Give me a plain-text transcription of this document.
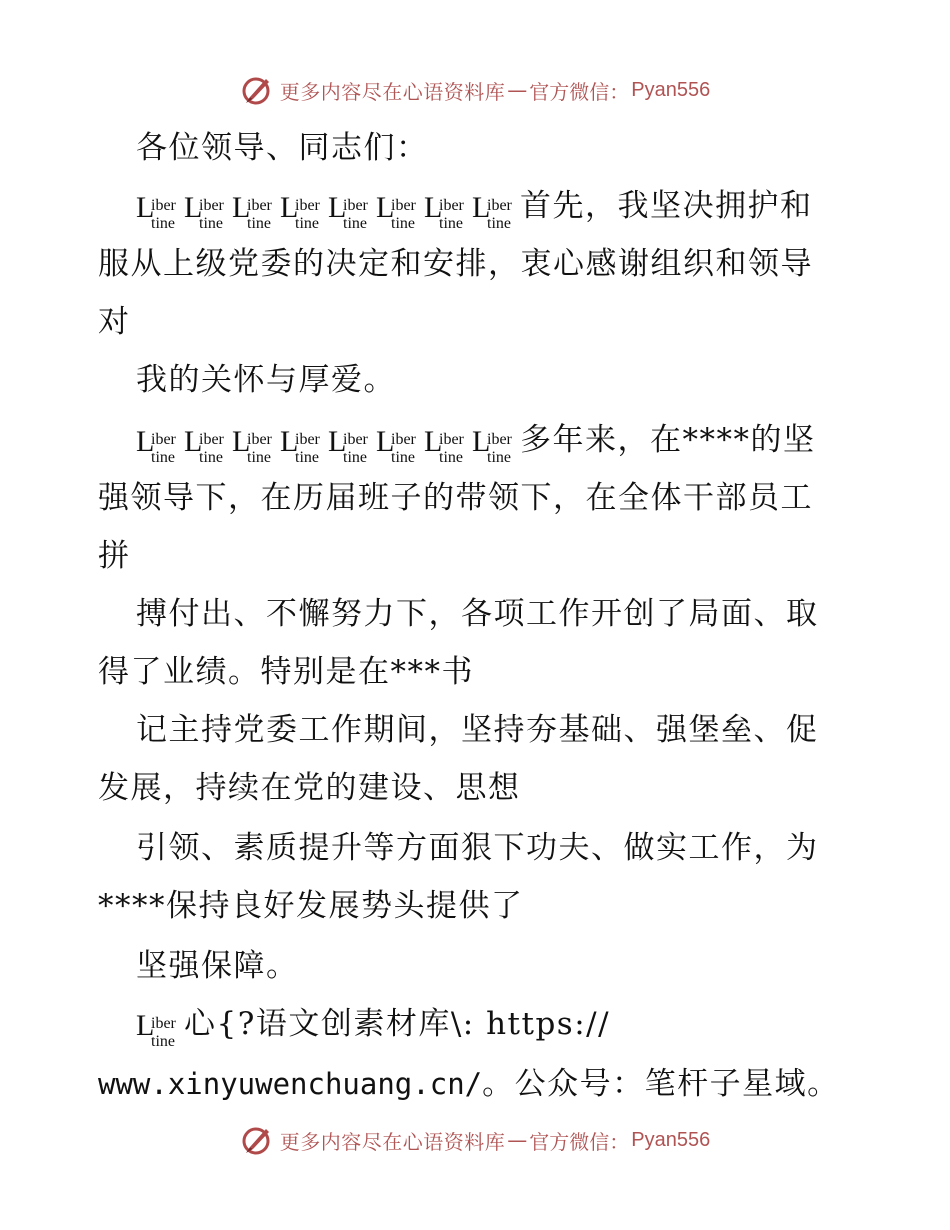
更多内容尽在心语资料库 — 官方微信： Pyan556
各位领导、同志们：
L
iber
tine L
iber
tine L
iber
tine L
iber
tine L
iber
tine L
iber
tine L
iber
tine L
iber
tine 首先，我坚决拥护和
服从上级党委的决定和安排，衷心感谢组织和领导
对
我的关怀与厚爱。
L
iber
tine L
iber
tine L
iber
tine L
iber
tine L
iber
tine L
iber
tine L
iber
tine L
iber
tine 多年来，在****的坚
强领导下，在历届班子的带领下，在全体干部员工
拼
搏付出、不懈努力下，各项工作开创了局面、取
得了业绩。特别是在***书
记主持党委工作期间，坚持夯基础、强堡垒、促
发展，持续在党的建设、思想
引领、素质提升等方面狠下功夫、做实工作，为
****保持良好发展势头提供了
坚强保障。
L
iber
tine 心{?语文创素材库\: https://
www.xinyuwenchuang.cn/。公众号：笔杆子星域。
更多内容尽在心语资料库 — 官方微信： Pyan556
